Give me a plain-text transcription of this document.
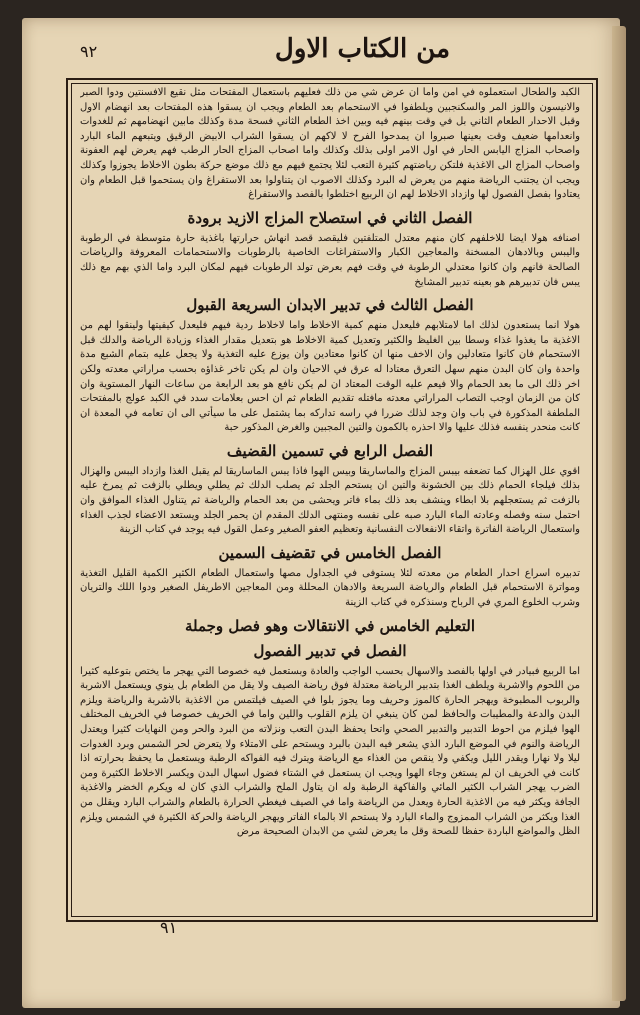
من الكتاب الاول
٩٢

الكبد والطحال استعملوه في امن واما ان عرض شي من ذلك فعليهم باستعمال المفتحات مثل نقيع الافسنتين ودوا الصبر والانيسون واللوز المر والسكنجبين ويلطفوا في الاستحمام بعد الطعام ويجب ان يسقوا هذه المفتحات بعد انهضام الاول وقبل الاحدار الطعام الثاني بل في وقت بينهم فيه وبين اخذ الطعام الثاني فسحة مدة وكذلك مابين انهضامهم ثم للغدوات وانعدامها ضعيف وقت بعينها صبروا ان يمدحوا الفرح لا لاكهم ان يسقوا الشراب الابيض الرقيق ويتبعهم الماء البارد واصحاب المزاج اليابس الحار في اول الامر اولى بذلك وكذلك واما اصحاب المزاج الحار الرطب فهم يعرض لهم العفونة واصحاب المزاج الى الاغذية فلتكن رياضتهم كثيرة التعب لئلا يجتمع فيهم مع ذلك موضع حركة بطون الاخلاط يجوزوا وكذلك ويجب ان يجتنب الرياضة منهم من يعرض له البرد وكذلك الاصوب ان يتناولوا بعد الاستفراغ وان يستحموا قبل الطعام وان يعتادوا بفصل الفصول لها وازداد الاخلاط لهم ان الربيع اختلطوا بالفصد والاستفراغ

الفصل الثاني في استصلاح المزاج الازيد برودة

اصنافه هولا ايضا للاخلفهم كان منهم معتدل المتلفتين فليقصد قصد انهاش حرارتها باغذية حارة متوسطة في الرطوبة واليبس وبالادهان المسخنة والمعاجين الكبار والاستفراغات الخاصية بالرطوبات والاستحمامات المعروفة والرياضات الصالحة فانهم وان كانوا معتدلي الرطوبة في وقت فهم بعرض تولد الرطوبات فيهم لمكان البرد واما الذي بهم مع ذلك يبس فان تدبيرهم هو بعينه تدبير المشايخ

الفصل الثالث في تدبير الابدان السريعة القبول

هولا انما يستعدون لذلك اما لامتلابهم فليعدل منهم كمية الاخلاط واما لاخلاط ردية فيهم فليعدل كيفيتها ولينقوا لهم من الاغذية ما يغذوا غذاء وسطا بين الغليظ والكثير وتعديل كمية الاخلاط هو بتعديل مقدار الغذاء وزيادة الرياضة والدلك قبل الاستحمام فان كانوا متعادلين وان الاخف منها ان كانوا معتادين وان يوزع عليه التغذية ولا يجعل عليه بتمام الشبع مدة واحدة وان كان البدن منهم سهل التعرق معتادا له عرق في الاحيان وان لم يكن تاخر غذاؤه بحسب مراراتي معدته ولكن اخر ذلك الى ما بعد الحمام والا فيعم عليه الوقت المعتاد ان لم يكن نافع هو بعد الرابعة من ساعات النهار المستوية وان كان من الزمان اوجب التصاب المراراتي معدته مافتله تقديم الطعام ثم ان احس بعلامات سدد في الكبد عولج بالمفتحات الملطفة المذكورة في باب وان وجد لذلك ضررا في راسه تداركه بما يشتمل على ما سيأتي الى ان تعامه في المعدة ان كانت منحدر ينفسه فذلك عليها والا احذره بالكمون والتين المجبين والغرض المذكور حبة

الفصل الرابع في تسمين القضيف

اقوي علل الهزال كما تضعفه بيبس المزاج والماساريقا وبيس الهوا فاذا يبس الماساريقا لم يقبل الغذا وازداد اليبس والهزال بذلك فيلجاء الحمام ذلك بين الخشونة والتين ان يستحم الجلد ثم يصلب الدلك ثم يطلي ويطلي بالزفت ثم يمرخ عليه بالزفت ثم يستعجلهم بلا ابطاء وينشف بعد ذلك بماء فاتر ويحشى من بعد الحمام والرياضة ثم يتناول الغذاء الموافق وان احتمل سنه وفصله وعادته الماء البارد صبه على نفسه ومنتهى الدلك المقدم ان يحمر الجلد ويستعد الاعضاء لجذب الغذاء واستعمال الرياضة الفاترة واتقاء الانفعالات النفسانية وتعظيم العفو الصغير وعمل القول فيه يوجد في كتاب الزينة

الفصل الخامس في تقضيف السمين

تدبيره اسراع احدار الطعام من معدته لئلا يستوفى في الجداول مصها واستعمال الطعام الكثير الكمية القليل التغذية ومواترة الاستحمام قبل الطعام والرياضة السريعة والادهان المحللة ومن المعاجين الاطريفل الصغير ودوا اللك والتريان وشرب الخلوع المري في الرباح وسنذكره في كتاب الزينة

التعليم الخامس في الانتقالات وهو فصل وجملة
الفصل في تدبير الفصول

اما الربيع فبيادر في اولها بالفصد والاسهال بحسب الواجب والعادة وبستعمل فيه خصوصا التي يهجر ما يختص بتوعليه كثيرا من اللحوم والاشربة ويلطف الغذا بتدبير الرياضة معتدلة فوق رياضة الصيف ولا يقل من الطعام بل ينوي ويستعمل الاشربة والربوب المطبوخة ويهجر الحارة كالموز وحريف وما يجوز بلوا في الصيف فيلتمس من الاغذية بالاشربة والرياضة ويلزم البدن والدعة والمطيبات والحافظ لمن كان ينبغي ان يلزم القلوب واللين واما في الخريف خصوصا في الخريف المختلف الهوا فيلزم من احوط التدبير والتدبير الصحي واتحا يحفظ البدن التعب ونزلاته من البرد والحر ومن النهايات كثيرا ويعتدل الرياضة والنوم في الموضع البارد الذي يشعر فيه البدن بالبرد ويستحم على الامتلاء ولا يتعرض لحر الشمس وبرد الغدوات ليلا ولا نهارا ويقدر الليل ويكفي ولا ينقص من الغذاء مع الرياضة ويترك فيه الفواكه الرطبة ويستعمل ما يحفظ بحرارته اذا كانت في الخريف ان لم يستغن وجاء الهوا ويجب ان يستعمل في الشتاء فضول اسهال البدن ويكسر الاخلاط الكثيرة ومن الضرب يهجر الشراب الكثير المائي والفاكهة الرطبة وله ان يتاول الملح والشراب الذي كان له ويكرم الخضر والاغذية الجافة ويكثر فيه من الاغذية الحارة ويعدل من الرياضة واما في الصيف فيغطي الحرارة بالطعام والشراب البارد ويقلل من الغذا ويكثر من الشراب الممزوج والماء البارد ولا يستحم الا بالماء الفاتر ويهجر الرياضة والحركة الكثيرة في الشمس ويلزم الظل والمواضع الباردة حفظا للصحة وقل ما يعرض لشي من الابدان الصحيحة مرض

٩١
